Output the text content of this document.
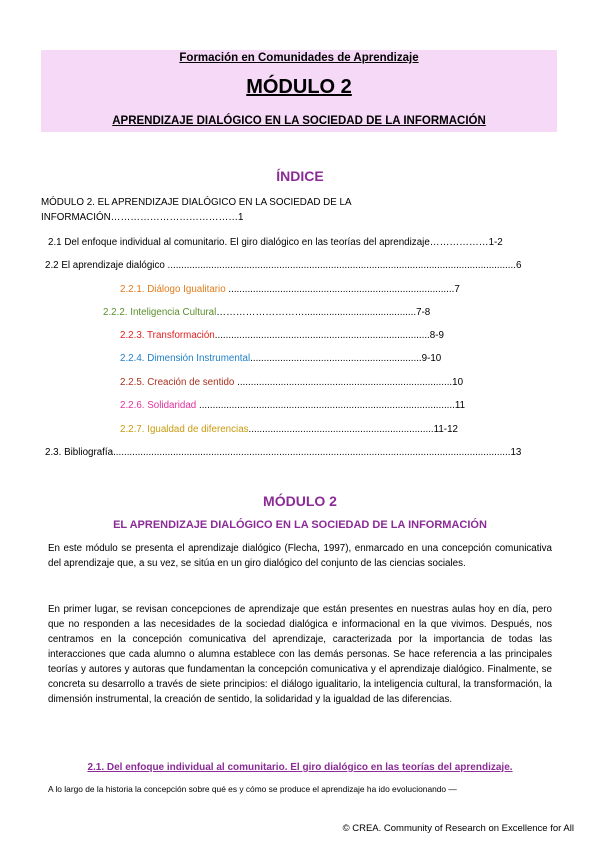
Formación en Comunidades de Aprendizaje
MÓDULO 2
APRENDIZAJE DIALÓGICO EN LA SOCIEDAD DE LA INFORMACIÓN
ÍNDICE
MÓDULO 2. EL APRENDIZAJE DIALÓGICO EN LA SOCIEDAD DE LA
INFORMACIÓN…………………………………1
2.1 Del enfoque individual al comunitario. El giro dialógico en las teorías del aprendizaje………………1-2
2.2 El aprendizaje dialógico ................................................................................................................................6
2.2.1. Diálogo Igualitario ...................................................................................7
2.2.2. Inteligencia Cultural……………………….........................................7-8
2.2.3. Transformación...............................................................................8-9
2.2.4. Dimensión Instrumental...............................................................9-10
2.2.5. Creación de sentido ...............................................................................10
2.2.6. Solidaridad ..............................................................................................11
2.2.7. Igualdad de diferencias....................................................................11-12
2.3. Bibliografía..................................................................................................................................................13
MÓDULO 2
EL APRENDIZAJE DIALÓGICO EN LA SOCIEDAD DE LA INFORMACIÓN

En este módulo se presenta el aprendizaje dialógico (Flecha, 1997), enmarcado en una concepción comunicativa del aprendizaje que, a su vez, se sitúa en un giro dialógico del conjunto de las ciencias sociales.

En primer lugar, se revisan concepciones de aprendizaje que están presentes en nuestras aulas hoy en día, pero que no responden a las necesidades de la sociedad dialógica e informacional en la que vivimos. Después, nos centramos en la concepción comunicativa del aprendizaje, caracterizada por la importancia de todas las interacciones que cada alumno o alumna establece con las demás personas. Se hace referencia a las principales teorías y autores y autoras que fundamentan la concepción comunicativa y el aprendizaje dialógico. Finalmente, se concreta su desarrollo a través de siete principios: el diálogo igualitario, la inteligencia cultural, la transformación, la dimensión instrumental, la creación de sentido, la solidaridad y la igualdad de las diferencias.

2.1. Del enfoque individual al comunitario. El giro dialógico en las teorías del aprendizaje.
A lo largo de la historia la concepción sobre qué es y cómo se produce el aprendizaje ha ido evolucionando —
© CREA. Community of Research on Excellence for All
